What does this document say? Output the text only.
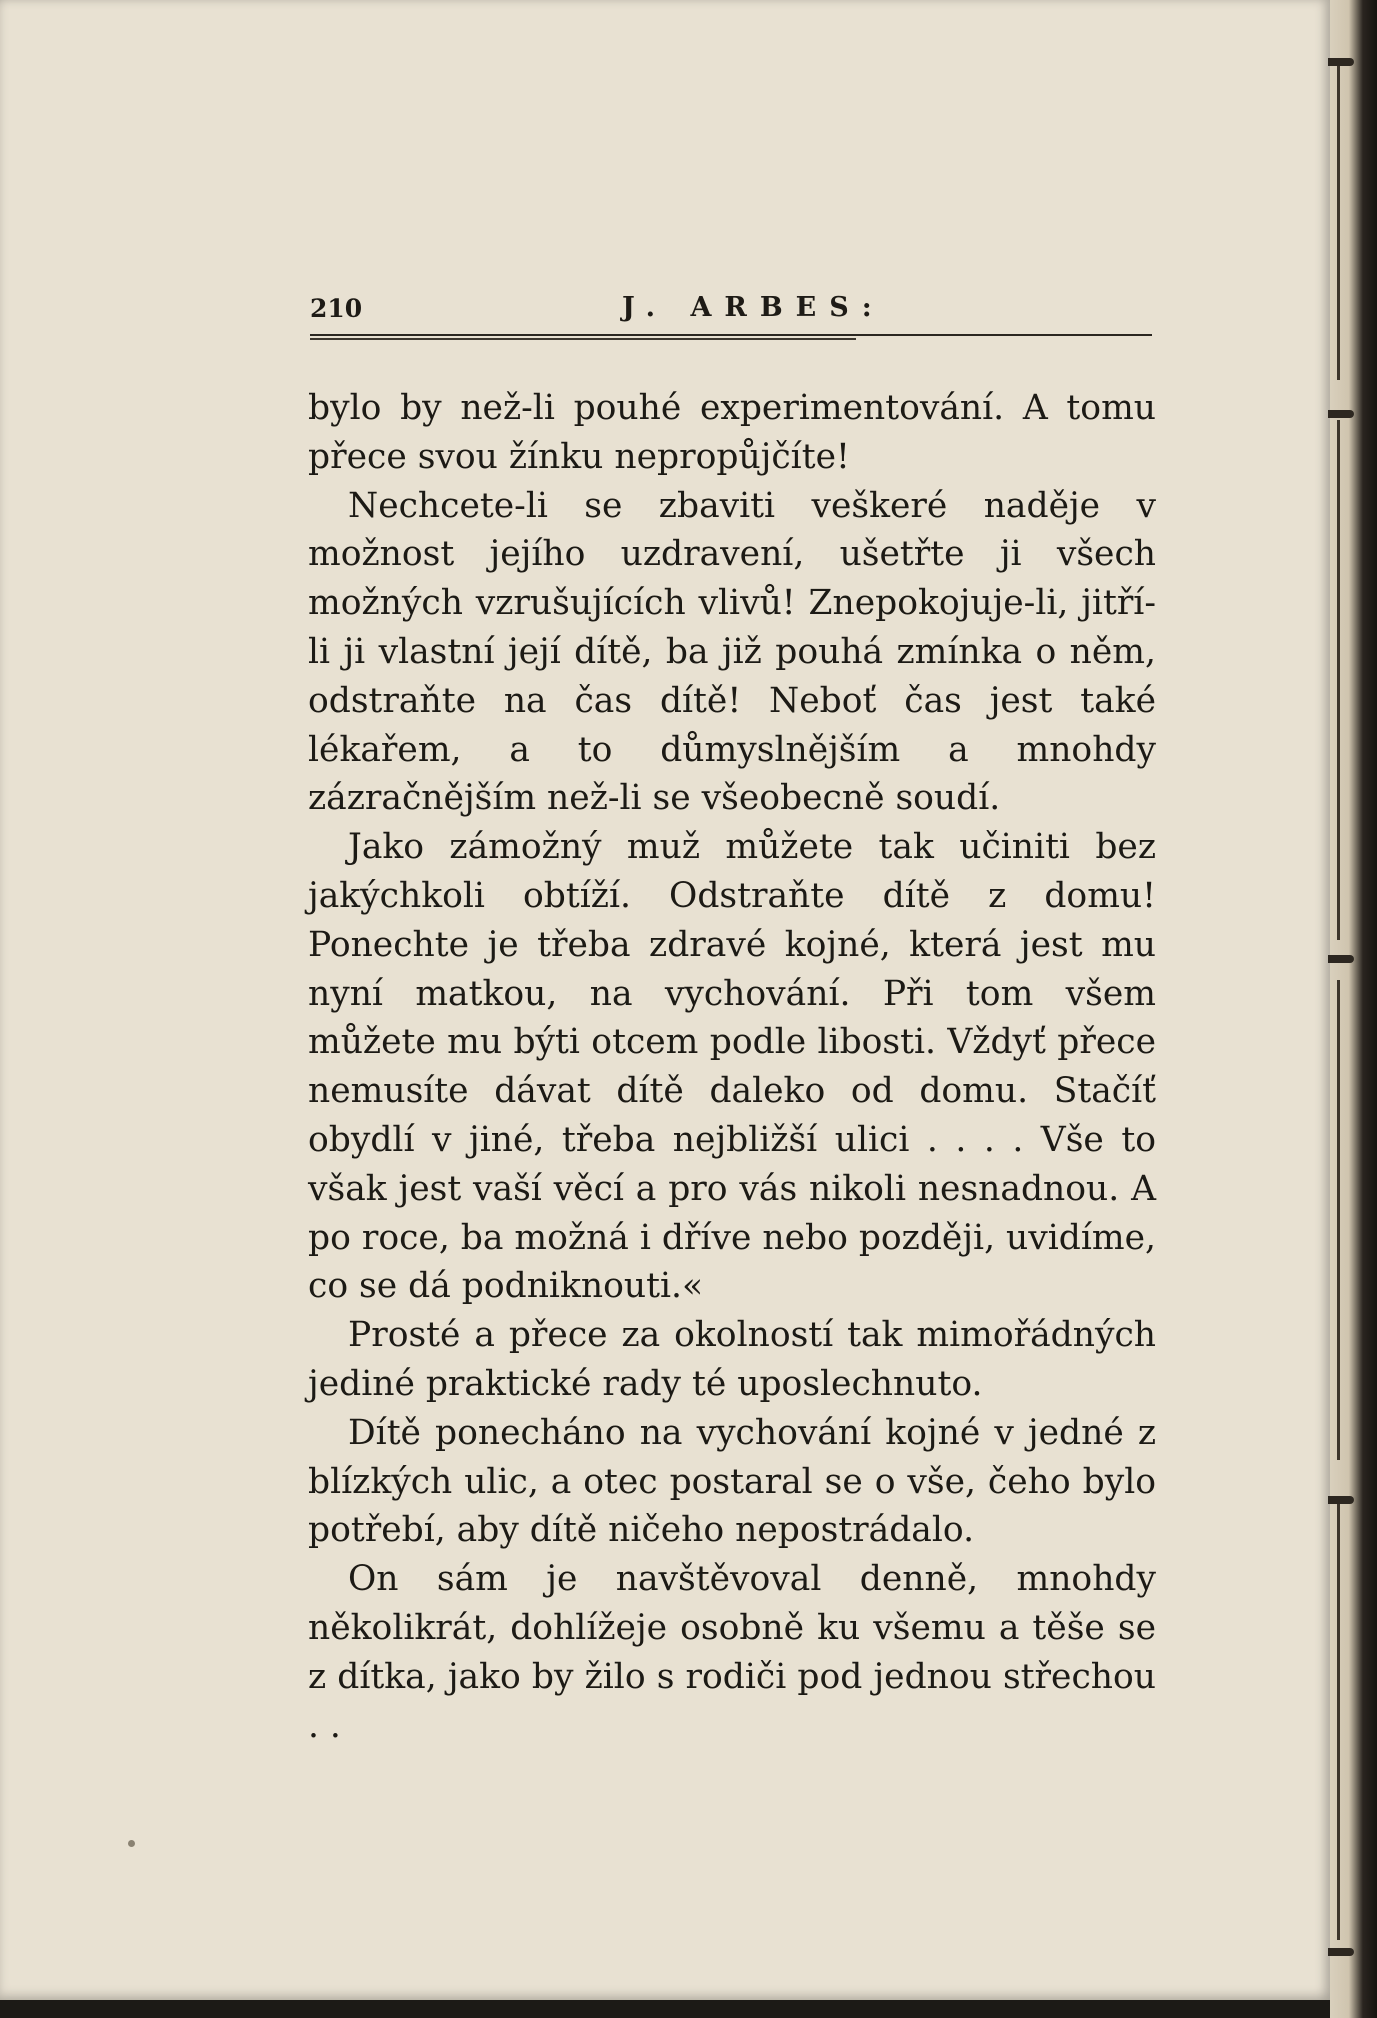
210	J. ARBES:

bylo by než-li pouhé experimentování. A tomu přece svou žínku nepropůjčíte!

Nechcete-li se zbaviti veškeré naděje v možnost jejího uzdravení, ušetřte ji všech možných vzrušujících vlivů! Znepokojuje-li, jitří-li ji vlastní její dítě, ba již pouhá zmínka o něm, odstraňte na čas dítě! Neboť čas jest také lékařem, a to důmyslnějším a mnohdy zázračnějším než-li se všeobecně soudí.

Jako zámožný muž můžete tak učiniti bez jakýchkoli obtíží. Odstraňte dítě z domu! Ponechte je třeba zdravé kojné, která jest mu nyní matkou, na vychování. Při tom všem můžete mu býti otcem podle libosti. Vždyť přece nemusíte dávat dítě daleko od domu. Stačíť obydlí v jiné, třeba nejbližší ulici . . . . Vše to však jest vaší věcí a pro vás nikoli nesnadnou. A po roce, ba možná i dříve nebo později, uvidíme, co se dá podniknouti.«

Prosté a přece za okolností tak mimořádných jediné praktické rady té uposlechnuto.

Dítě ponecháno na vychování kojné v jedné z blízkých ulic, a otec postaral se o vše, čeho bylo potřebí, aby dítě ničeho nepostrádalo.

On sám je navštěvoval denně, mnohdy několikrát, dohlížeje osobně ku všemu a těše se z dítka, jako by žilo s rodiči pod jednou střechou . .
